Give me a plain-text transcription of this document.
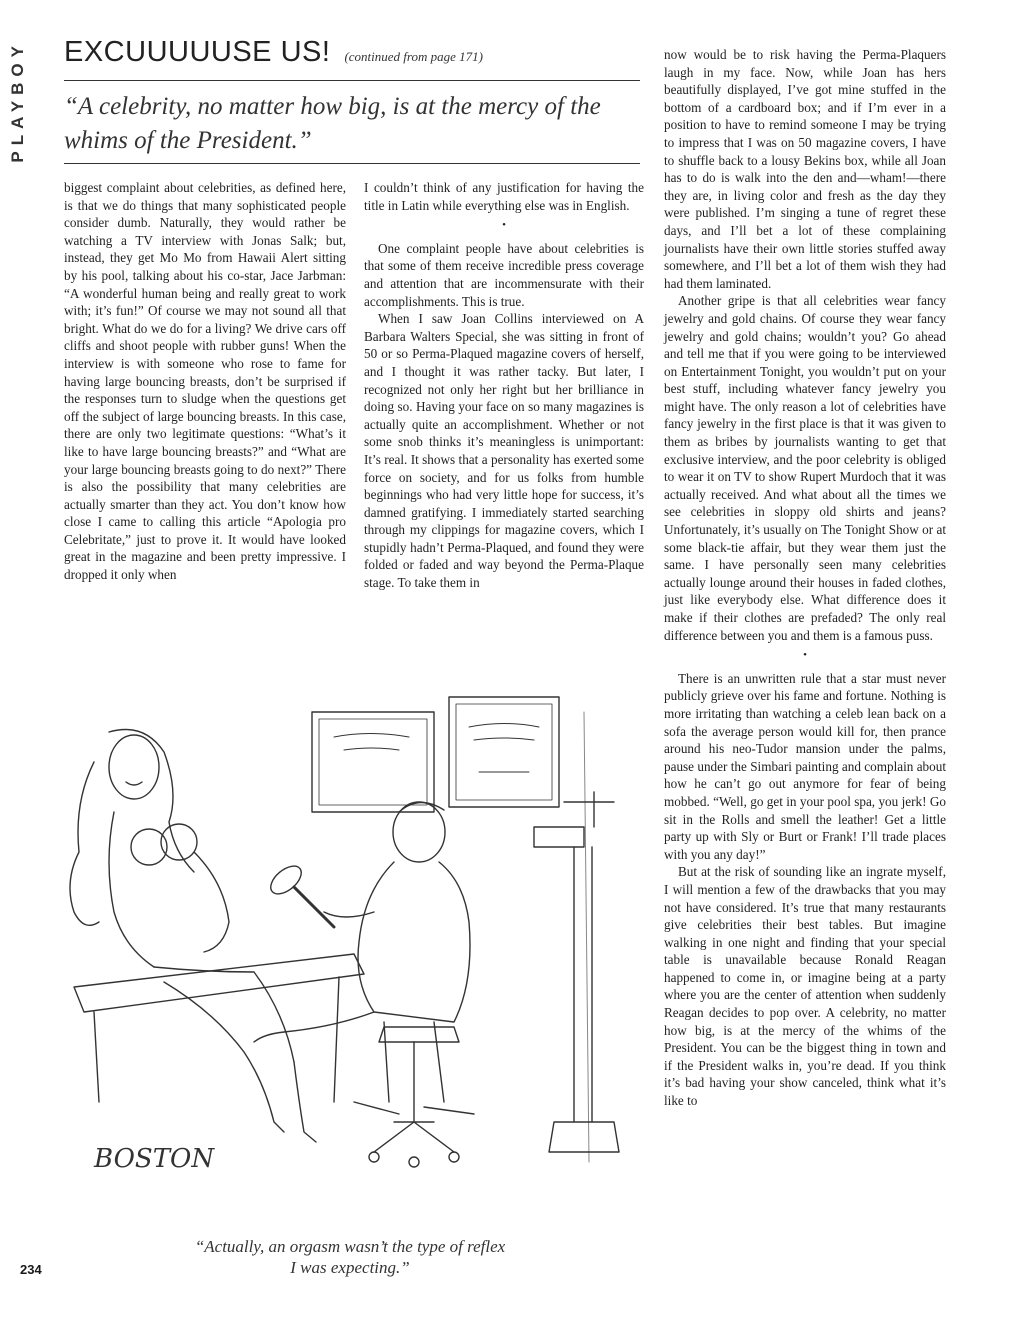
PLAYBOY EXCUUUUUSE US! (continued from page 171)
“A celebrity, no matter how big, is at the mercy of the whims of the President.”

biggest complaint about celebrities, as defined here, is that we do things that many sophisticated people consider dumb. Naturally, they would rather be watching a TV interview with Jonas Salk; but, instead, they get Mo Mo from Hawaii Alert sitting by his pool, talking about his co-star, Jace Jarbman: “A wonderful human being and really great to work with; it’s fun!” Of course we may not sound all that bright. What do we do for a living? We drive cars off cliffs and shoot people with rubber guns! When the interview is with someone who rose to fame for having large bouncing breasts, don’t be surprised if the responses turn to sludge when the questions get off the subject of large bouncing breasts. In this case, there are only two legitimate questions: “What’s it like to have large bouncing breasts?” and “What are your large bouncing breasts going to do next?” There is also the possibility that many celebrities are actually smarter than they act. You don’t know how close I came to calling this article “Apologia pro Celebritate,” just to prove it. It would have looked great in the magazine and been pretty impressive. I dropped it only when

I couldn’t think of any justification for having the title in Latin while everything else was in English.

•

One complaint people have about celebrities is that some of them receive incredible press coverage and attention that are incommensurate with their accomplishments. This is true.

When I saw Joan Collins interviewed on A Barbara Walters Special, she was sitting in front of 50 or so Perma-Plaqued magazine covers of herself, and I thought it was rather tacky. But later, I recognized not only her right but her brilliance in doing so. Having your face on so many magazines is actually quite an accomplishment. Whether or not some snob thinks it’s meaningless is unimportant: It’s real. It shows that a personality has exerted some force on society, and for us folks from humble beginnings who had very little hope for success, it’s damned gratifying. I immediately started searching through my clippings for magazine covers, which I stupidly hadn’t Perma-Plaqued, and found they were folded or faded and way beyond the Perma-Plaque stage. To take them in

now would be to risk having the Perma-Plaquers laugh in my face. Now, while Joan has hers beautifully displayed, I’ve got mine stuffed in the bottom of a cardboard box; and if I’m ever in a position to have to remind someone I may be trying to impress that I was on 50 magazine covers, I have to shuffle back to a lousy Bekins box, while all Joan has to do is walk into the den and—wham!—there they are, in living color and fresh as the day they were published. I’m singing a tune of regret these days, and I’ll bet a lot of these complaining journalists have their own little stories stuffed away somewhere, and I’ll bet a lot of them wish they had had them laminated.

Another gripe is that all celebrities wear fancy jewelry and gold chains. Of course they wear fancy jewelry and gold chains; wouldn’t you? Go ahead and tell me that if you were going to be interviewed on Entertainment Tonight, you wouldn’t put on your best stuff, including whatever fancy jewelry you might have. The only reason a lot of celebrities have fancy jewelry in the first place is that it was given to them as bribes by journalists wanting to get that exclusive interview, and the poor celebrity is obliged to wear it on TV to show Rupert Murdoch that it was actually received. And what about all the times we see celebrities in sloppy old shirts and jeans? Unfortunately, it’s usually on The Tonight Show or at some black-tie affair, but they wear them just the same. I have personally seen many celebrities actually lounge around their houses in faded clothes, just like everybody else. What difference does it make if their clothes are prefaded? The only real difference between you and them is a famous puss.

•

There is an unwritten rule that a star must never publicly grieve over his fame and fortune. Nothing is more irritating than watching a celeb lean back on a sofa the average person would kill for, then prance around his neo-Tudor mansion under the palms, pause under the Simbari painting and complain about how he can’t go out anymore for fear of being mobbed. “Well, go get in your pool spa, you jerk! Go sit in the Rolls and smell the leather! Get a little party up with Sly or Burt or Frank! I’ll trade places with you any day!”

But at the risk of sounding like an ingrate myself, I will mention a few of the drawbacks that you may not have considered. It’s true that many restaurants give celebrities their best tables. But imagine walking in one night and finding that your special table is unavailable because Ronald Reagan happened to come in, or imagine being at a party where you are the center of attention when suddenly Reagan decides to pop over. A celebrity, no matter how big, is at the mercy of the whims of the President. You can be the biggest thing in town and if the President walks in, you’re dead. If you think it’s bad having your show canceled, think what it’s like to

BOSTON
“Actually, an orgasm wasn’t the type of reflex
I was expecting.”
234
